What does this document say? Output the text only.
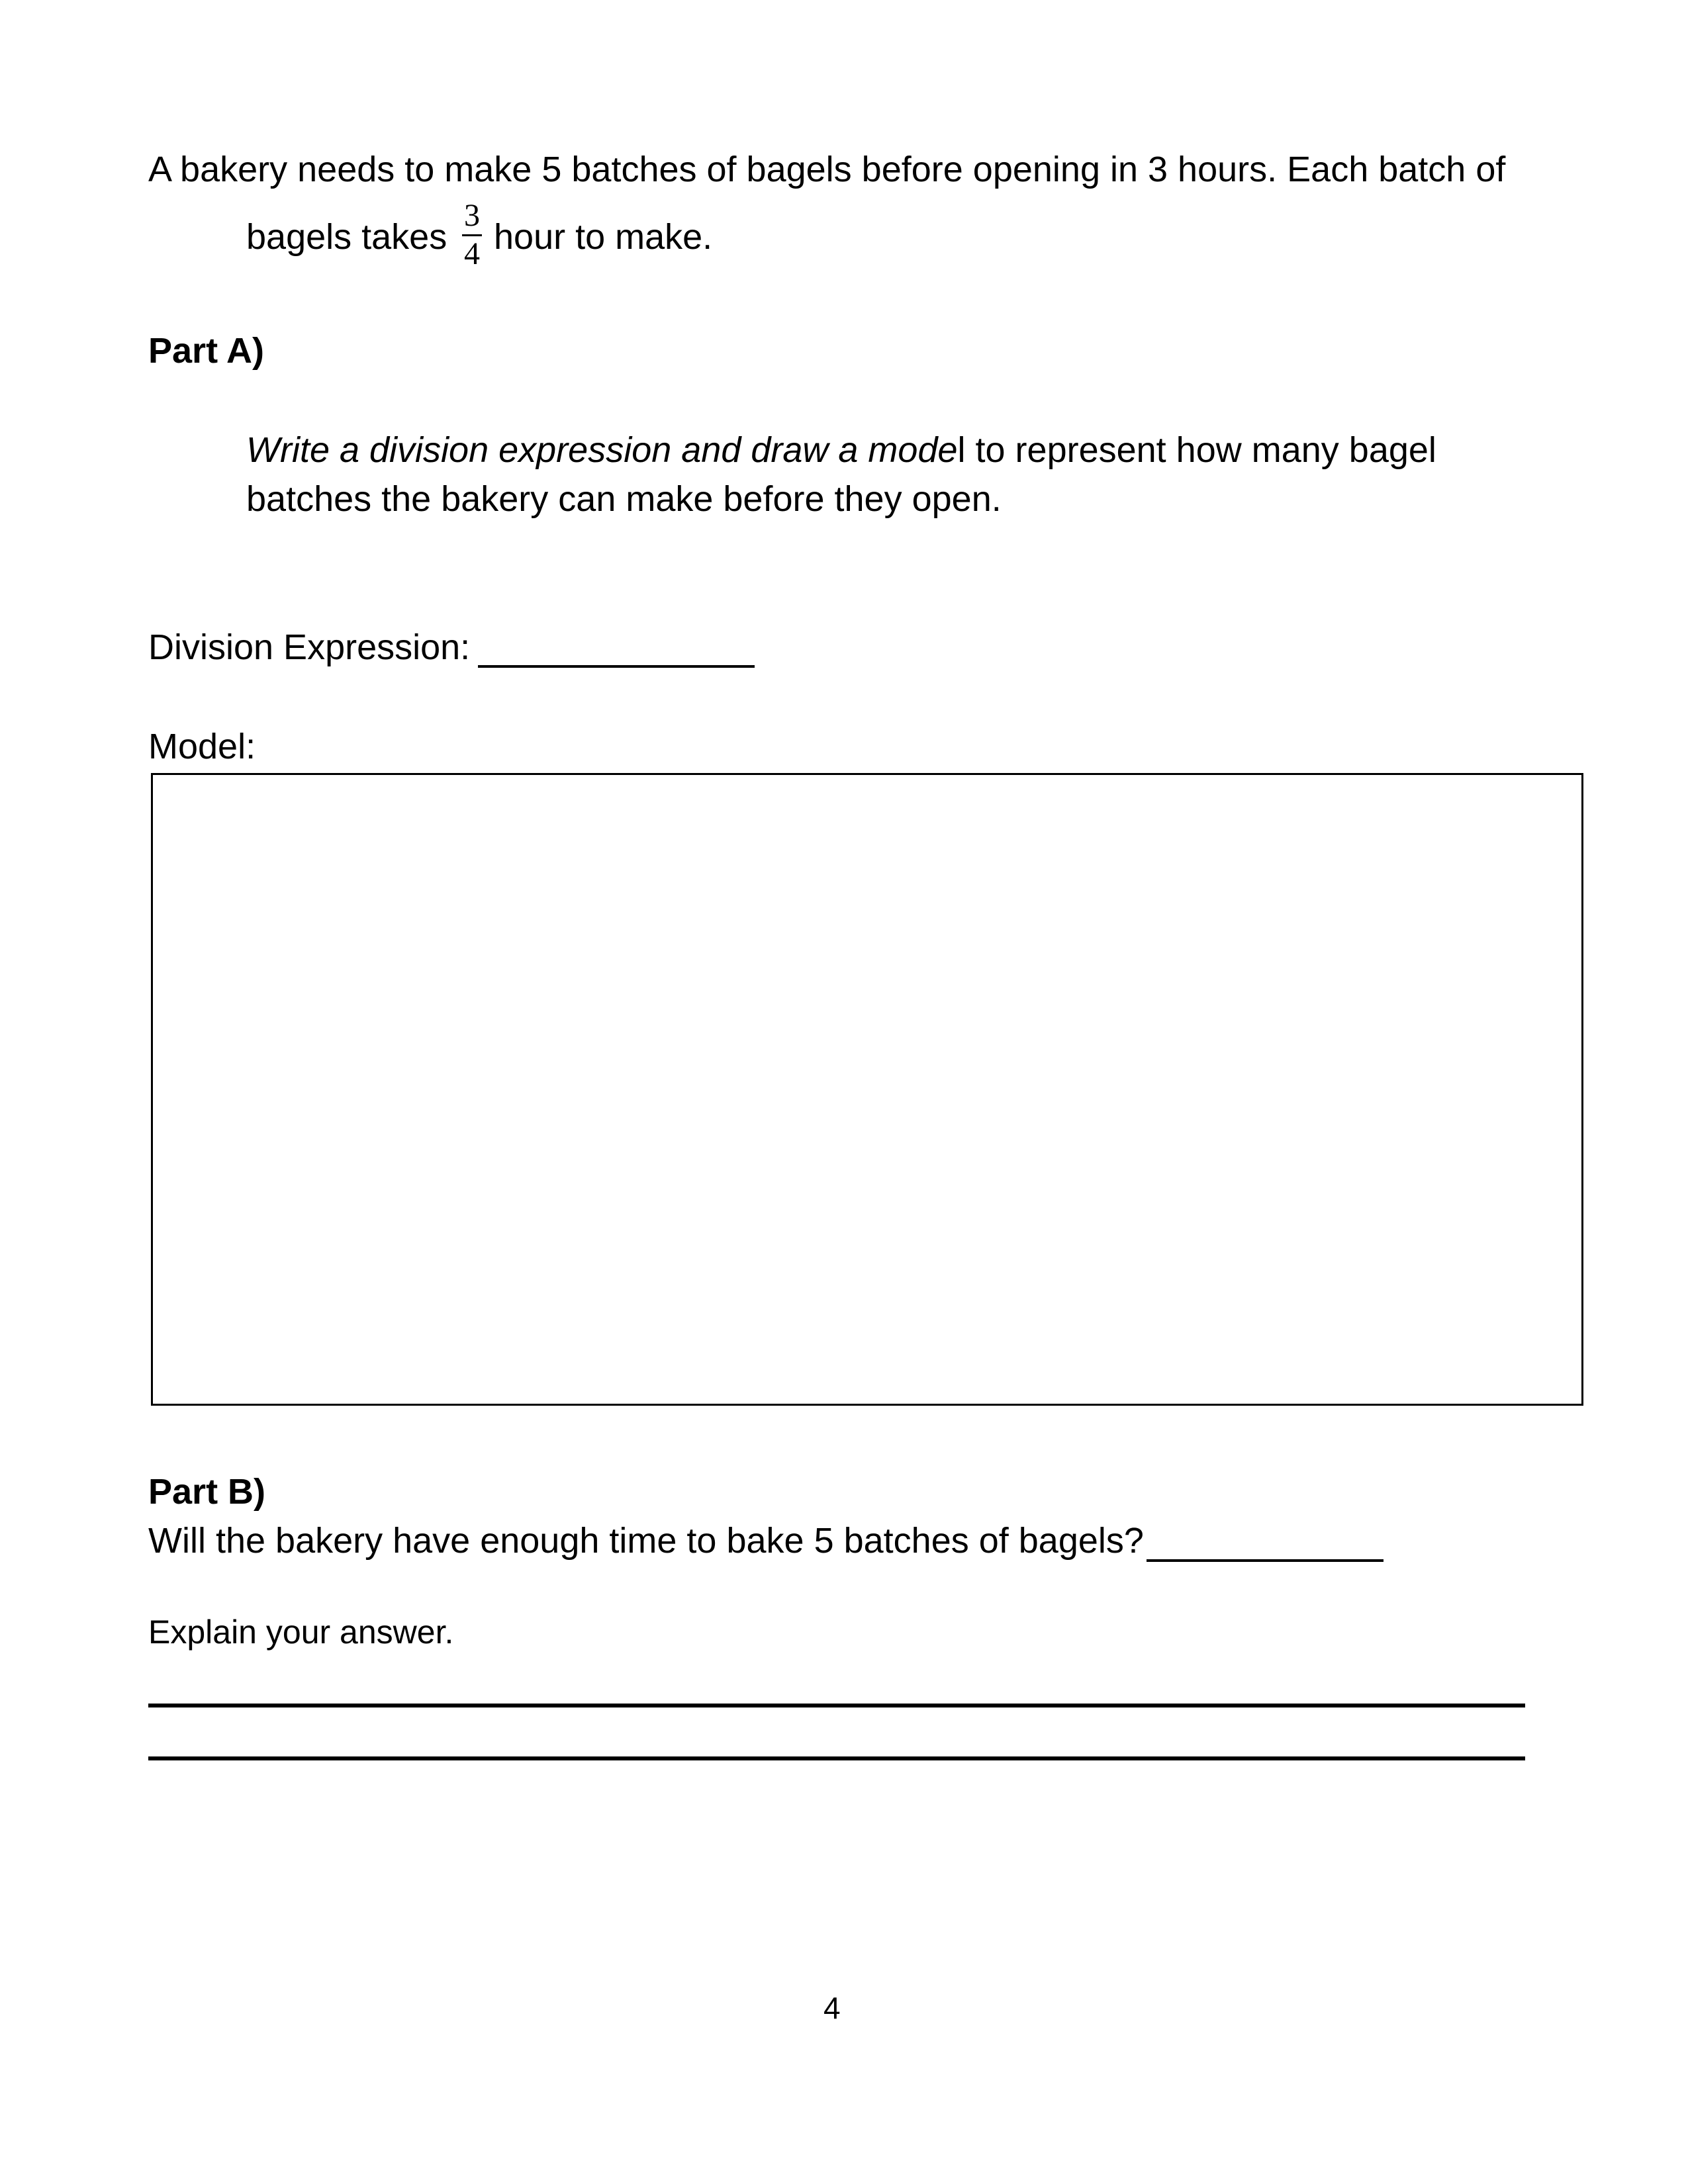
A bakery needs to make 5 batches of bagels before opening in 3 hours. Each batch of

bagels takes

3
4 hour to make.

Part A)

Write a division expression and draw a model to represent how many bagel

batches the bakery can make before they open.

Division Expression:

Model:

Part B)

Will the bakery have enough time to bake 5 batches of bagels?

Explain your answer.

4
